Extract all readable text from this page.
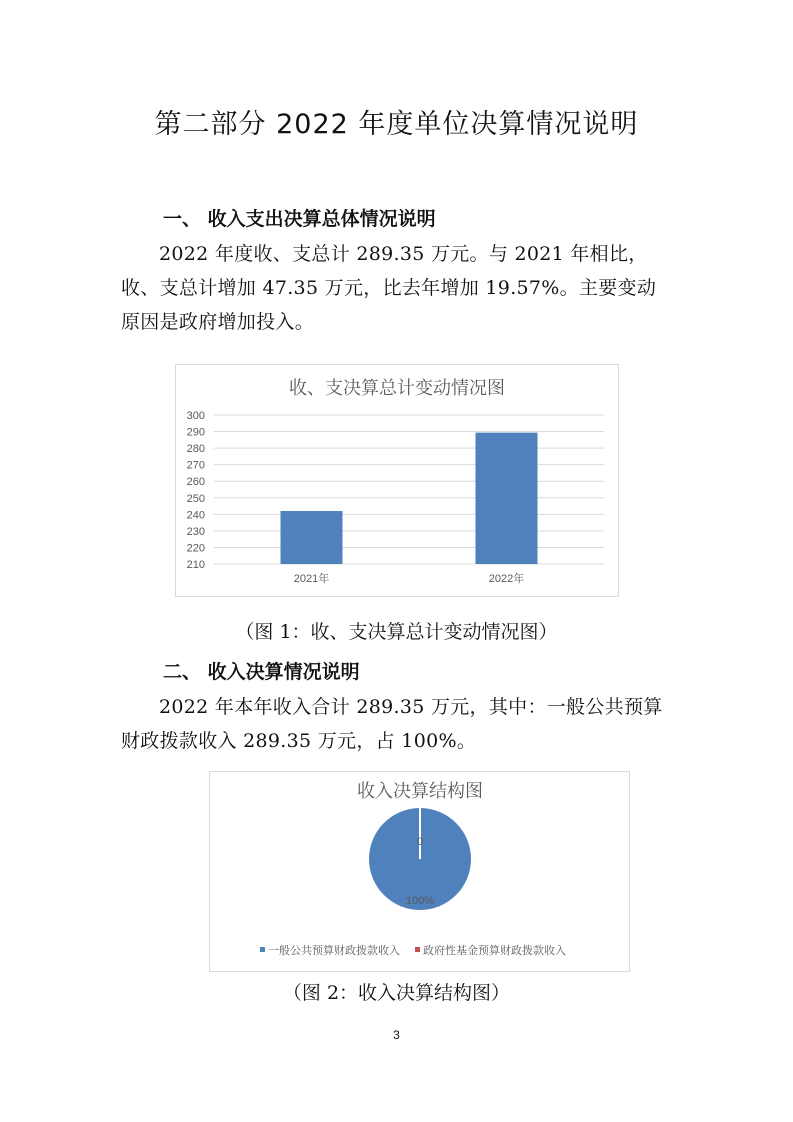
第二部分 2022 年度单位决算情况说明
一、 收入支出决算总体情况说明
2022 年度收、支总计 289.35 万元。与 2021 年相比，收、支总计增加 47.35 万元，比去年增加 19.57%。主要变动原因是政府增加投入。
收、支决算总计变动情况图
300
290
280
270
260
250
240
230
220
210
2021年	2022年
（图 1：收、支决算总计变动情况图）
二、 收入决算情况说明
2022 年本年收入合计 289.35 万元，其中：一般公共预算财政拨款收入 289.35 万元，占 100%。
收入决算结构图
100%
0
一般公共预算财政拨款收入 政府性基金预算财政拨款收入
（图 2：收入决算结构图）
3
